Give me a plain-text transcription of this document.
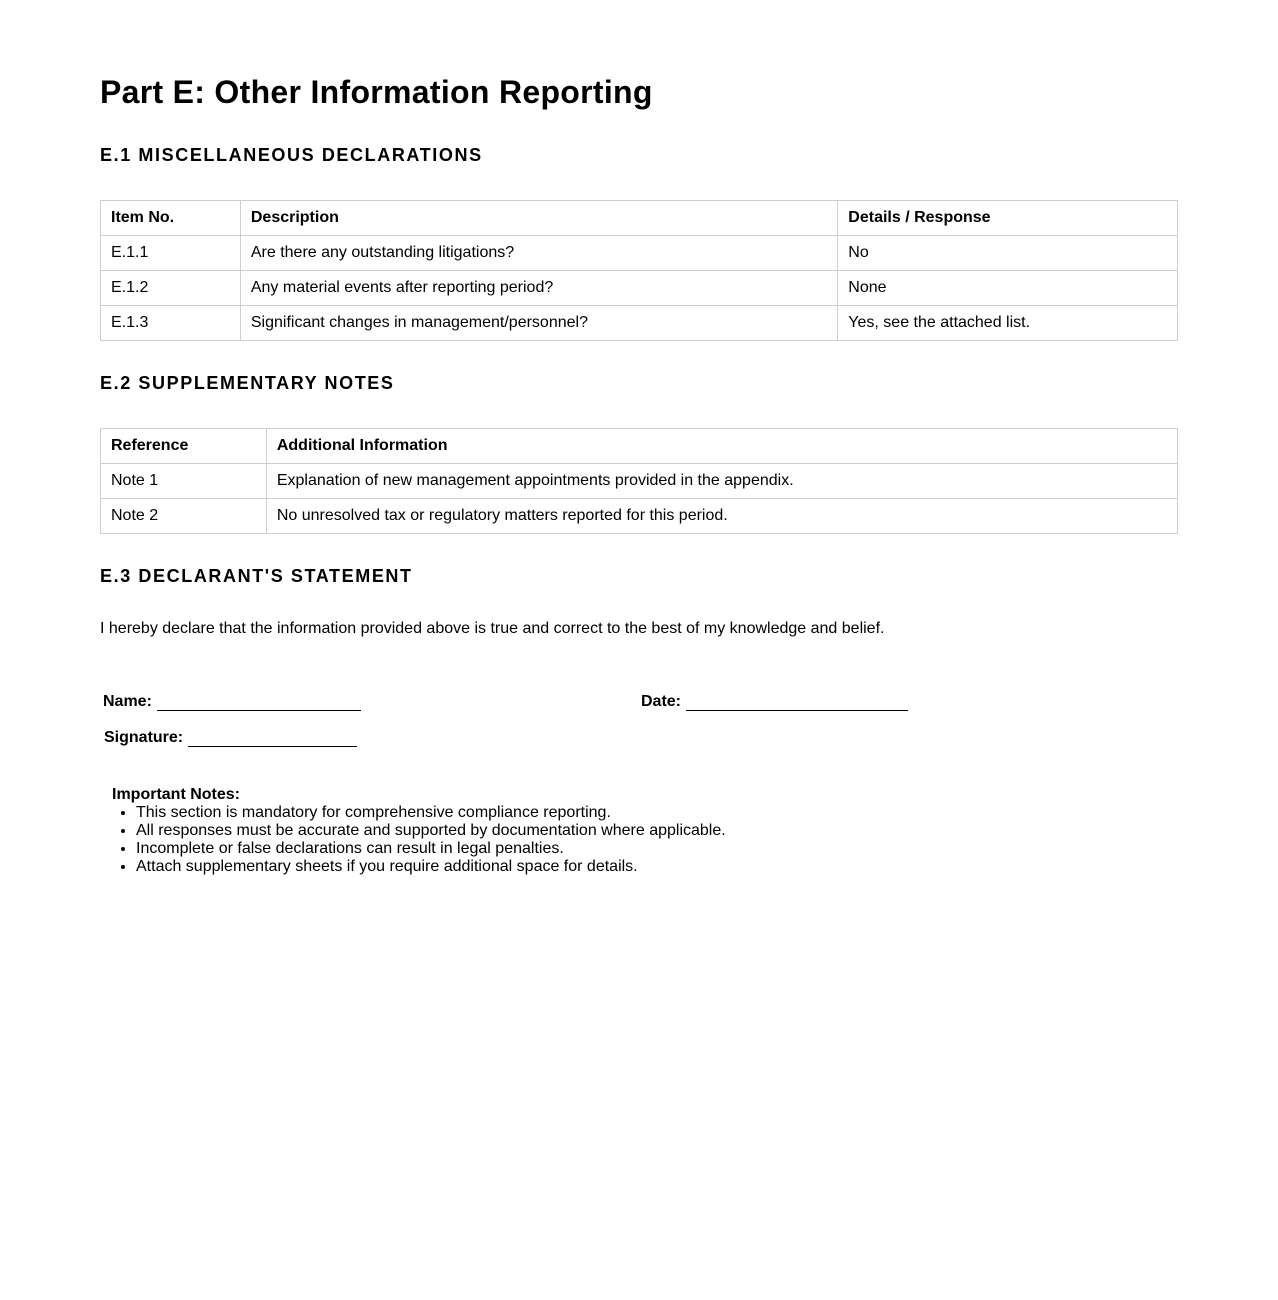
Part E: Other Information Reporting
E.1 MISCELLANEOUS DECLARATIONS
Item No.	Description	Details / Response
E.1.1	Are there any outstanding litigations?	No
E.1.2	Any material events after reporting period?	None
E.1.3	Significant changes in management/personnel?	Yes, see the attached list.
E.2 SUPPLEMENTARY NOTES
Reference	Additional Information
Note 1	Explanation of new management appointments provided in the appendix.
Note 2	No unresolved tax or regulatory matters reported for this period.
E.3 DECLARANT'S STATEMENT
I hereby declare that the information provided above is true and correct to the best of my knowledge and belief.
Name:	Date:
Signature:
Important Notes:
• This section is mandatory for comprehensive compliance reporting.
• All responses must be accurate and supported by documentation where applicable.
• Incomplete or false declarations can result in legal penalties.
• Attach supplementary sheets if you require additional space for details.
